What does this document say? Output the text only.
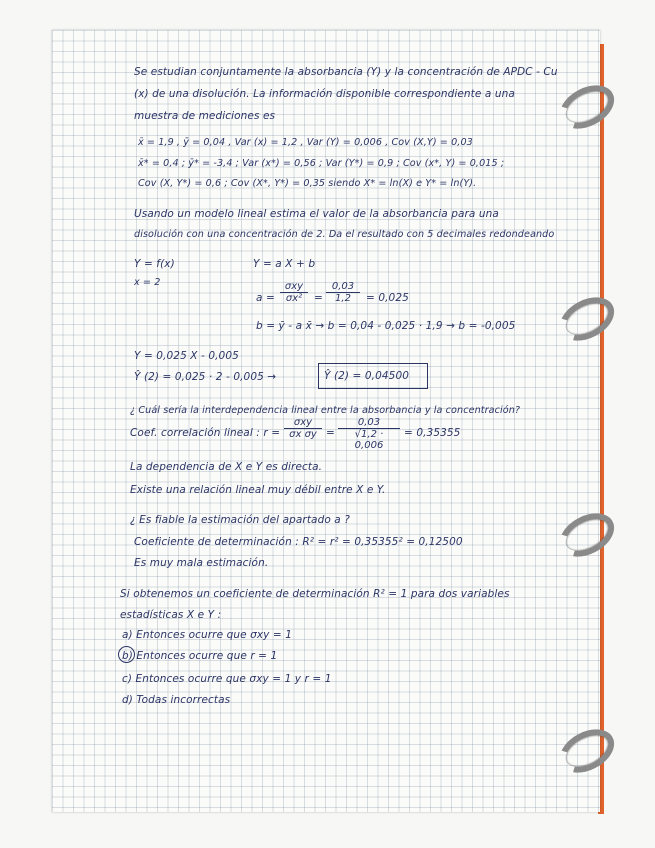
Se estudian conjuntamente la absorbancia (Y) y la concentración de APDC - Cu
(x) de una disolución. La información disponible correspondiente a una
muestra de mediciones es
x̄ = 1,9 , ȳ = 0,04 , Var (x) = 1,2 , Var (Y) = 0,006 , Cov (X,Y) = 0,03
x̄* = 0,4 ; ȳ* = -3,4 ; Var (x*) = 0,56 ; Var (Y*) = 0,9 ; Cov (x*, Y) = 0,015 ;
Cov (X, Y*) = 0,6 ; Cov (X*, Y*) = 0,35 siendo X* = ln(X) e Y* = ln(Y).
Usando un modelo lineal estima el valor de la absorbancia para una
disolución con una concentración de 2. Da el resultado con 5 decimales redondeando
Y = f(x)
x = 2
Y = a X + b
a =
σxy
σx²	= $\frac{0,03}{1,2} = 0,025$
b = ȳ - a x̄ → b = 0,04 - 0,025 · 1,9 → b = -0,005
Y = 0,025 X - 0,005
Ŷ (2) = 0,025 · 2 - 0,005 →	Ŷ (2) = 0,04500
¿ Cuál sería la interdependencia lineal entre la absorbancia y la concentración?
Coef. correlación lineal : r =
σxy
σx $\sigma y = \frac{0,03}{√1,2 \cdot 0,006} = 0,35355$
La dependencia de X e Y es directa.
Existe una relación lineal muy débil entre X e Y.
¿ Es fiable la estimación del apartado a ?
Coeficiente de determinación : R² = r² = 0,35355² = 0,12500
Es muy mala estimación.
Si obtenemos un coeficiente de determinación R² = 1 para dos variables
estadísticas X e Y :
a) Entonces ocurre que σxy = 1
b) Entonces ocurre que r = 1
c) Entonces ocurre que σxy = 1 y r = 1
d) Todas incorrectas
